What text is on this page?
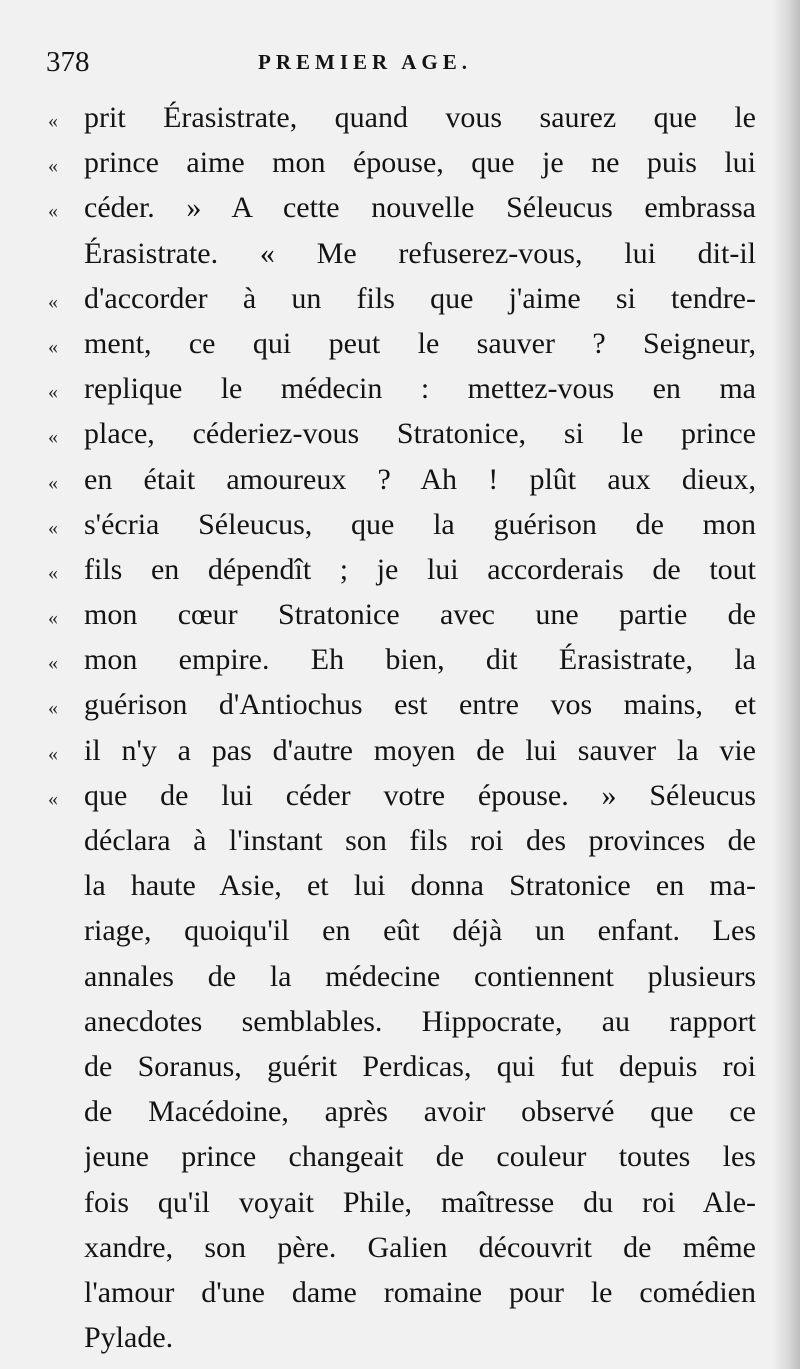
378	PREMIER AGE.
« prit Érasistrate, quand vous saurez que le
« prince aime mon épouse, que je ne puis lui
« céder. » A cette nouvelle Séleucus embrassa
Érasistrate. « Me refuserez-vous, lui dit-il
« d'accorder à un fils que j'aime si tendre-
« ment, ce qui peut le sauver ? Seigneur,
« replique le médecin : mettez-vous en ma
« place, céderiez-vous Stratonice, si le prince
« en était amoureux ? Ah ! plût aux dieux,
« s'écria Séleucus, que la guérison de mon
« fils en dépendît ; je lui accorderais de tout
« mon cœur Stratonice avec une partie de
« mon empire. Eh bien, dit Érasistrate, la
« guérison d'Antiochus est entre vos mains, et
« il n'y a pas d'autre moyen de lui sauver la vie
« que de lui céder votre épouse. » Séleucus
déclara à l'instant son fils roi des provinces de
la haute Asie, et lui donna Stratonice en ma-
riage, quoiqu'il en eût déjà un enfant. Les
annales de la médecine contiennent plusieurs
anecdotes semblables. Hippocrate, au rapport
de Soranus, guérit Perdicas, qui fut depuis roi
de Macédoine, après avoir observé que ce
jeune prince changeait de couleur toutes les
fois qu'il voyait Phile, maîtresse du roi Ale-
xandre, son père. Galien découvrit de même
l'amour d'une dame romaine pour le comédien
Pylade.
